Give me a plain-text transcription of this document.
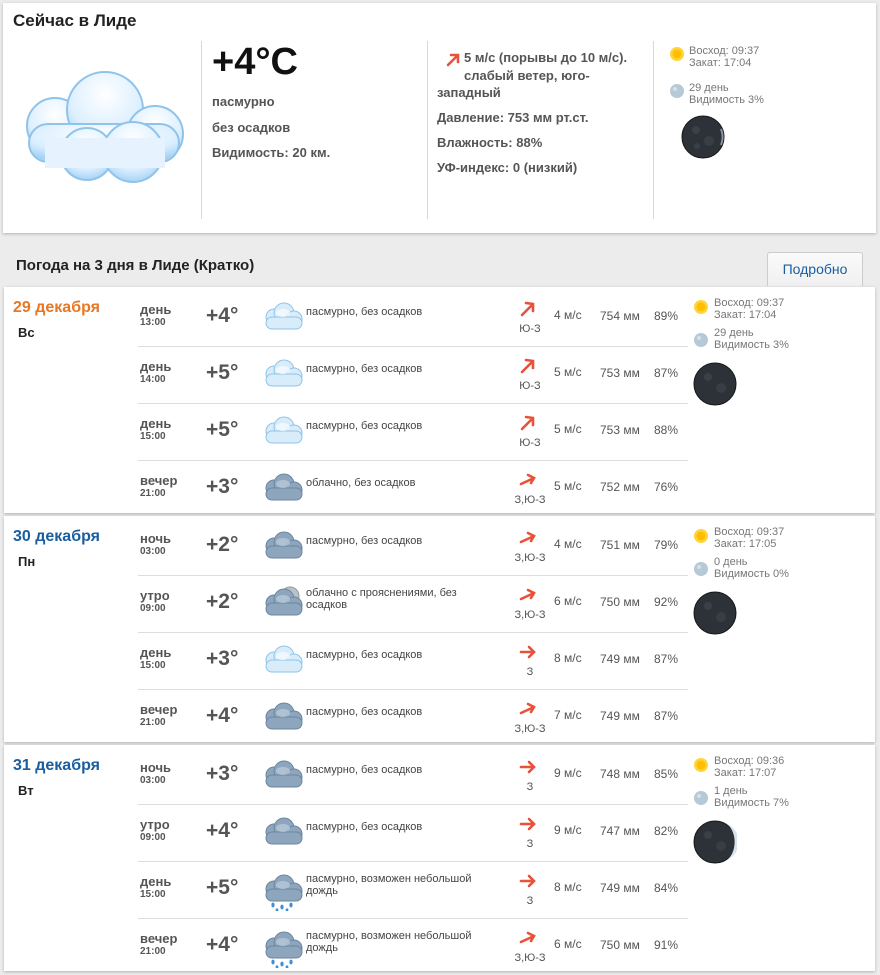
Сейчас в Лиде
+4°C
пасмурно
без осадков
Видимость: 20 км.
5 м/с (порывы до 10 м/с).
слабый ветер, юго-
западный
Давление: 753 мм рт.ст.
Влажность: 88%
УФ-индекс: 0 (низкий)
Восход: 09:37
Закат: 17:04
29 день
Видимость 3%
Погода на 3 дня в Лиде (Кратко)	Подробно
29 декабря
Вс
день
13:00 +4°	пасмурно, без осадков
Ю-З
4 м/с 754 мм 89%
день
14:00 +5°	пасмурно, без осадков
Ю-З
5 м/с 753 мм 87%
день
15:00 +5°	пасмурно, без осадков
Ю-З
5 м/с 753 мм 88%
вечер
21:00 +3°	облачно, без осадков
З,Ю-З
5 м/с 752 мм 76%
Восход: 09:37
Закат: 17:04
29 день
Видимость 3%
30 декабря
Пн
ночь
03:00 +2°	пасмурно, без осадков
З,Ю-З
4 м/с 751 мм 79%
утро
09:00 +2°	облачно с прояснениями, без осадков
З,Ю-З
6 м/с 750 мм 92%
день
15:00 +3°	пасмурно, без осадков
З
8 м/с 749 мм 87%
вечер
21:00 +4°	пасмурно, без осадков
З,Ю-З
7 м/с 749 мм 87%
Восход: 09:37
Закат: 17:05
0 день
Видимость 0%
31 декабря
Вт
ночь
03:00 +3°	пасмурно, без осадков
З
9 м/с 748 мм 85%
утро
09:00 +4°	пасмурно, без осадков
З
9 м/с 747 мм 82%
день
15:00 +5°	пасмурно, возможен небольшой дождь
З
8 м/с 749 мм 84%
вечер
21:00 +4°	пасмурно, возможен небольшой дождь
З,Ю-З
6 м/с 750 мм 91%
Восход: 09:36
Закат: 17:07
1 день
Видимость 7%
